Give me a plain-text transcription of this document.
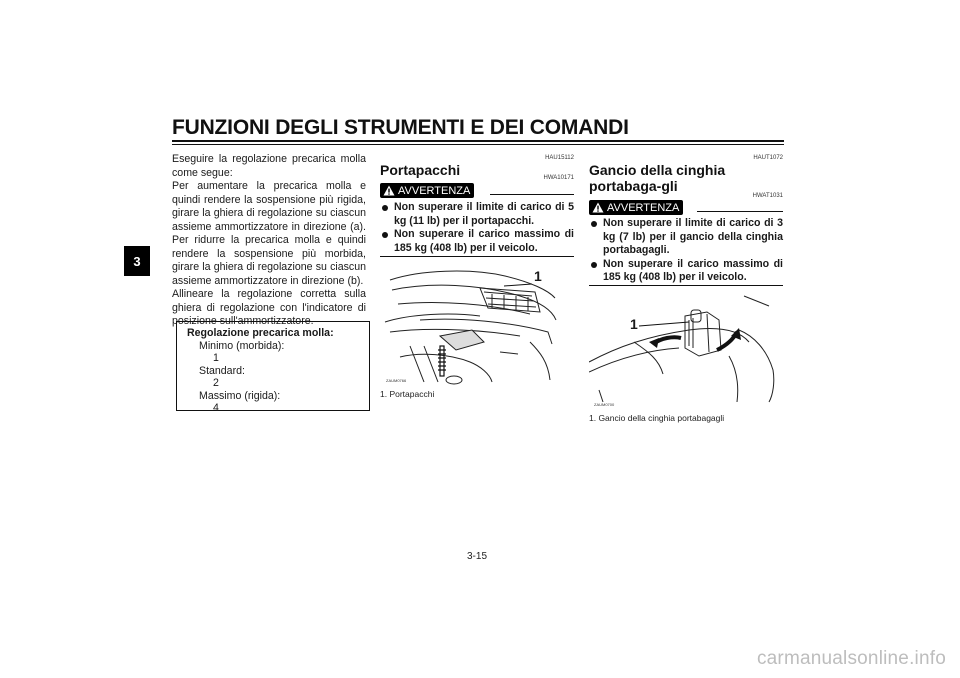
FUNZIONI DEGLI STRUMENTI E DEI COMANDI
3

Eseguire la regolazione precarica molla come segue:

Per aumentare la precarica molla e quindi rendere la sospensione più rigida, girare la ghiera di regolazione su ciascun assieme ammortizzatore in direzione (a). Per ridurre la precarica molla e quindi rendere la sospensione più morbida, girare la ghiera di regolazione su ciascun assieme ammortizzatore in direzione (b).

Allineare la regolazione corretta sulla ghiera di regolazione con l'indicatore di posizione sull'ammortizzatore.

Regolazione precarica molla:
Minimo (morbida):
1
Standard:
2
Massimo (rigida):
4
HAU15112
Portapacchi
AVVERTENZA
HWA10171
Non superare il limite di carico di 5 kg (11 lb) per il portapacchi.
Non superare il carico massimo di 185 kg (408 lb) per il veicolo.
1
ZAUM0766
1. Portapacchi
HAUT1072
Gancio della cinghia portabaga-gli
HWAT1031
AVVERTENZA
Non superare il limite di carico di 3 kg (7 lb) per il gancio della cinghia portabagagli.
Non superare il carico massimo di 185 kg (408 lb) per il veicolo.
1
ZAUM0700
1. Gancio della cinghia portabagagli
3-15
carmanualsonline.info
